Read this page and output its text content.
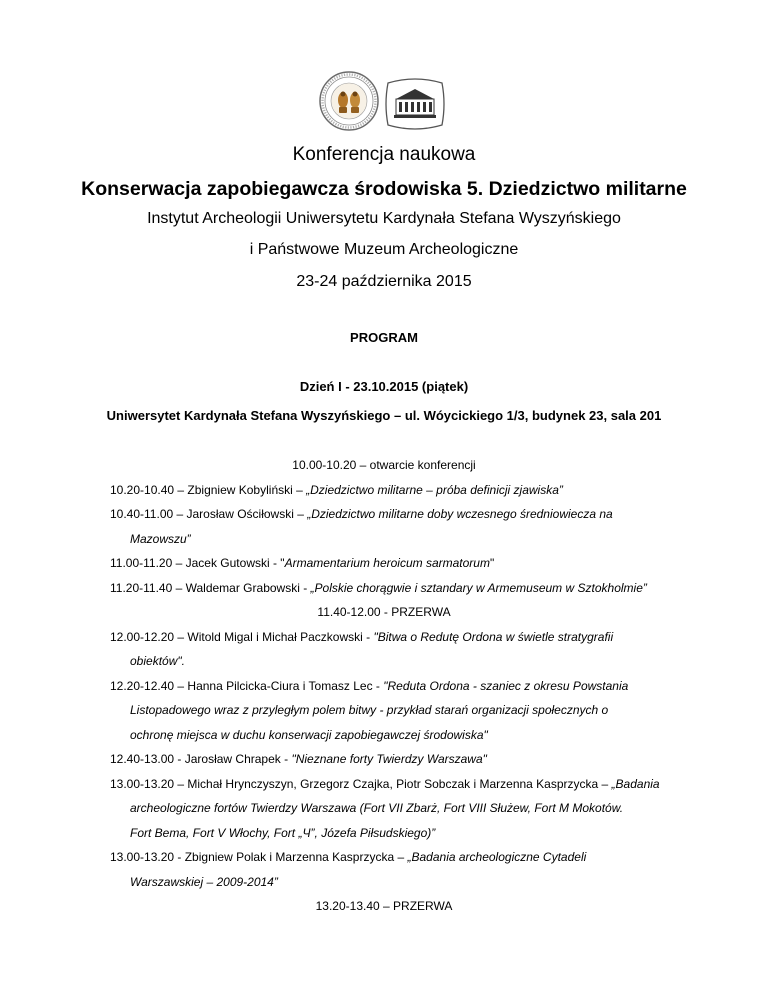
Konferencja naukowa
Konserwacja zapobiegawcza środowiska 5. Dziedzictwo militarne
Instytut Archeologii Uniwersytetu Kardynała Stefana Wyszyńskiego
i Państwowe Muzeum Archeologiczne
23-24 października 2015
PROGRAM
Dzień I - 23.10.2015 (piątek)
Uniwersytet Kardynała Stefana Wyszyńskiego – ul. Wóycickiego 1/3, budynek 23, sala 201
10.00-10.20 – otwarcie konferencji
10.20-10.40 – Zbigniew Kobyliński – „Dziedzictwo militarne – próba definicji zjawiska”
10.40-11.00 – Jarosław Ościłowski – „Dziedzictwo militarne doby wczesnego średniowiecza na
Mazowszu”
11.00-11.20 – Jacek Gutowski - "Armamentarium heroicum sarmatorum"
11.20-11.40 – Waldemar Grabowski - „Polskie chorągwie i sztandary w Armemuseum w Sztokholmie”
11.40-12.00 - PRZERWA
12.00-12.20 – Witold Migal i Michał Paczkowski - "Bitwa o Redutę Ordona w świetle stratygrafii
obiektów".
12.20-12.40 – Hanna Pilcicka-Ciura i Tomasz Lec - "Reduta Ordona - szaniec z okresu Powstania
Listopadowego wraz z przyległym polem bitwy - przykład starań organizacji społecznych o
ochronę miejsca w duchu konserwacji zapobiegawczej środowiska"
12.40-13.00 - Jarosław Chrapek - "Nieznane forty Twierdzy Warszawa"
13.00-13.20 – Michał Hrynczyszyn, Grzegorz Czajka, Piotr Sobczak i Marzenna Kasprzycka – „Badania
archeologiczne fortów Twierdzy Warszawa (Fort VII Zbarż, Fort VIII Służew, Fort M Mokotów.
Fort Bema, Fort V Włochy, Fort „Ч”, Józefa Piłsudskiego)”
13.00-13.20 - Zbigniew Polak i Marzenna Kasprzycka – „Badania archeologiczne Cytadeli
Warszawskiej – 2009-2014”
13.20-13.40 – PRZERWA
